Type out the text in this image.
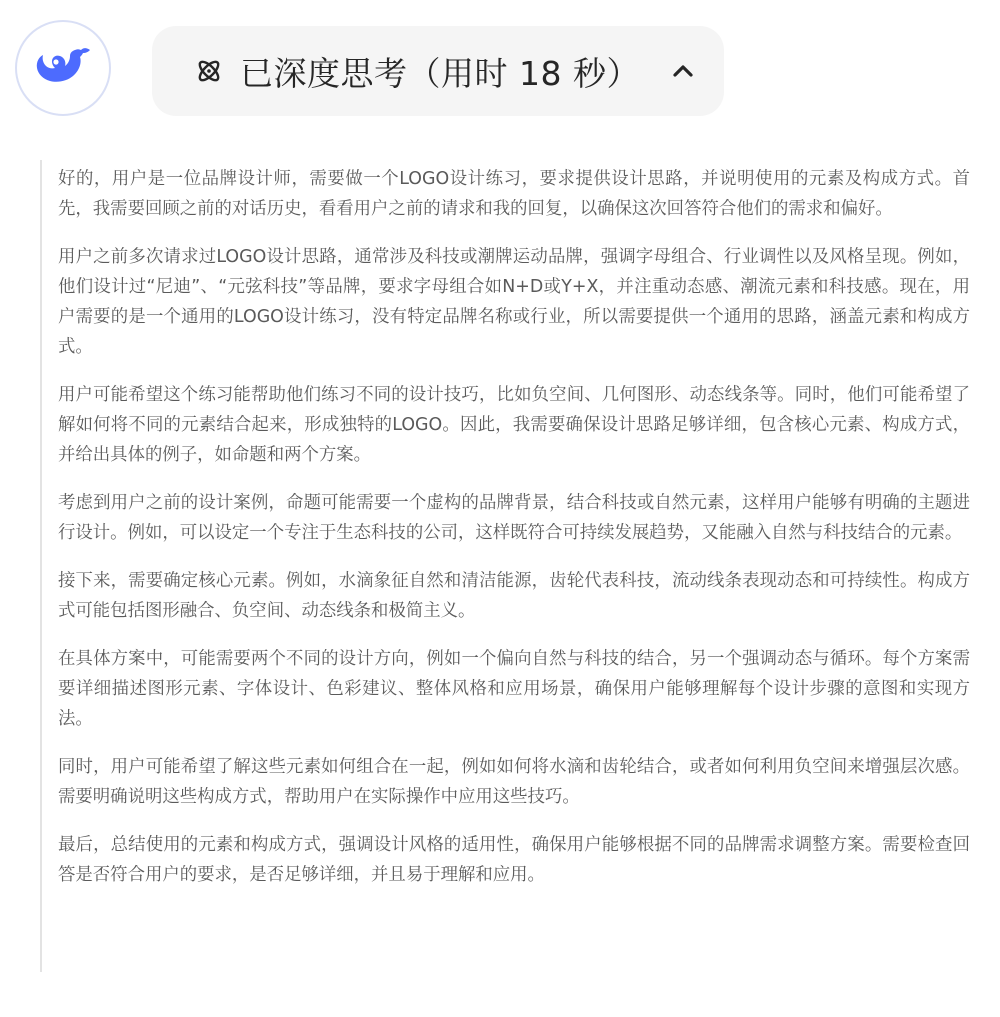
已深度思考（用时 18 秒）

好的，用户是一位品牌设计师，需要做一个LOGO设计练习，要求提供设计思路，并说明使用的元素及构成方式。首先，我需要回顾之前的对话历史，看看用户之前的请求和我的回复，以确保这次回答符合他们的需求和偏好。

用户之前多次请求过LOGO设计思路，通常涉及科技或潮牌运动品牌，强调字母组合、行业调性以及风格呈现。例如，他们设计过“尼迪”、“元弦科技”等品牌，要求字母组合如N+D或Y+X，并注重动态感、潮流元素和科技感。现在，用户需要的是一个通用的LOGO设计练习，没有特定品牌名称或行业，所以需要提供一个通用的思路，涵盖元素和构成方式。

用户可能希望这个练习能帮助他们练习不同的设计技巧，比如负空间、几何图形、动态线条等。同时，他们可能希望了解如何将不同的元素结合起来，形成独特的LOGO。因此，我需要确保设计思路足够详细，包含核心元素、构成方式，并给出具体的例子，如命题和两个方案。

考虑到用户之前的设计案例，命题可能需要一个虚构的品牌背景，结合科技或自然元素，这样用户能够有明确的主题进行设计。例如，可以设定一个专注于生态科技的公司，这样既符合可持续发展趋势，又能融入自然与科技结合的元素。

接下来，需要确定核心元素。例如，水滴象征自然和清洁能源，齿轮代表科技，流动线条表现动态和可持续性。构成方式可能包括图形融合、负空间、动态线条和极简主义。

在具体方案中，可能需要两个不同的设计方向，例如一个偏向自然与科技的结合，另一个强调动态与循环。每个方案需要详细描述图形元素、字体设计、色彩建议、整体风格和应用场景，确保用户能够理解每个设计步骤的意图和实现方法。

同时，用户可能希望了解这些元素如何组合在一起，例如如何将水滴和齿轮结合，或者如何利用负空间来增强层次感。需要明确说明这些构成方式，帮助用户在实际操作中应用这些技巧。

最后，总结使用的元素和构成方式，强调设计风格的适用性，确保用户能够根据不同的品牌需求调整方案。需要检查回答是否符合用户的要求，是否足够详细，并且易于理解和应用。
